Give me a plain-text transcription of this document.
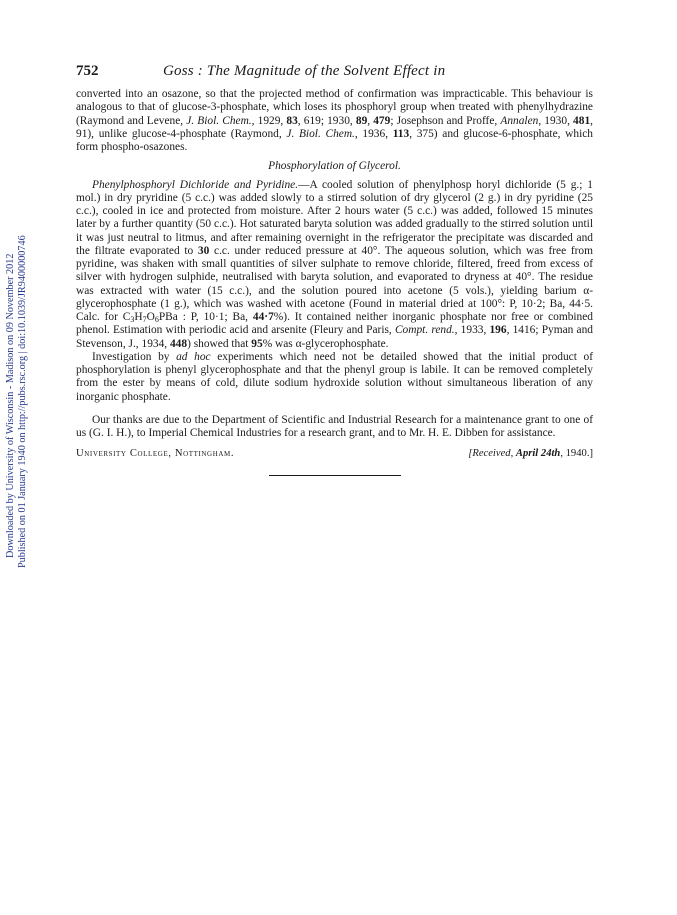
Downloaded by University of Wisconsin - Madison on 09 November 2012 Published on 01 January 1940 on http://pubs.rsc.org | doi:10.1039/JR9400000746
752	Goss : The Magnitude of the Solvent Effect in

converted into an osazone, so that the projected method of confirmation was impracticable. This behaviour is analogous to that of glucose-3-phosphate, which loses its phosphoryl group when treated with phenylhydrazine (Raymond and Levene, J. Biol. Chem., 1929, 83, 619; 1930, 89, 479; Josephson and Proffe, Annalen, 1930, 481, 91), unlike glucose-4-phosphate (Raymond, J. Biol. Chem., 1936, 113, 375) and glucose-6-phosphate, which form phospho-osazones.

Phosphorylation of Glycerol.

Phenylphosphoryl Dichloride and Pyridine.—A cooled solution of phenylphosp horyl dichloride (5 g.; 1 mol.) in dry pryridine (5 c.c.) was added slowly to a stirred solution of dry glycerol (2 g.) in dry pyridine (25 c.c.), cooled in ice and protected from moisture. After 2 hours water (5 c.c.) was added, followed 15 minutes later by a further quantity (50 c.c.). Hot saturated baryta solution was added gradually to the stirred solution until it was just neutral to litmus, and after remaining overnight in the refrigerator the precipitate was discarded and the filtrate evaporated to 30 c.c. under reduced pressure at 40°. The aqueous solution, which was free from pyridine, was shaken with small quantities of silver sulphate to remove chloride, filtered, freed from excess of silver with hydrogen sulphide, neutralised with baryta solution, and evaporated to dryness at 40°. The residue was extracted with water (15 c.c.), and the solution poured into acetone (5 vols.), yielding barium α-glycerophosphate (1 g.), which was washed with acetone (Found in material dried at 100°: P, 10·2; Ba, 44·5. Calc. for $C_3H_7O_6PBa$ : P, 10·1; Ba, 44·7%). It contained neither inorganic phosphate nor free or combined phenol. Estimation with periodic acid and arsenite (Fleury and Paris, Compt. rend., 1933, 196, 1416; Pyman and Stevenson, J., 1934, 448) showed that 95% was α-glycerophosphate.

Investigation by ad hoc experiments which need not be detailed showed that the initial product of phosphorylation is phenyl glycerophosphate and that the phenyl group is labile. It can be removed completely from the ester by means of cold, dilute sodium hydroxide solution without simultaneous liberation of any inorganic phosphate.

Our thanks are due to the Department of Scientific and Industrial Research for a maintenance grant to one of us (G. I. H.), to Imperial Chemical Industries for a research grant, and to Mr. H. E. Dibben for assistance.

University College, Nottingham.	[Received, April 24th, 1940.]
